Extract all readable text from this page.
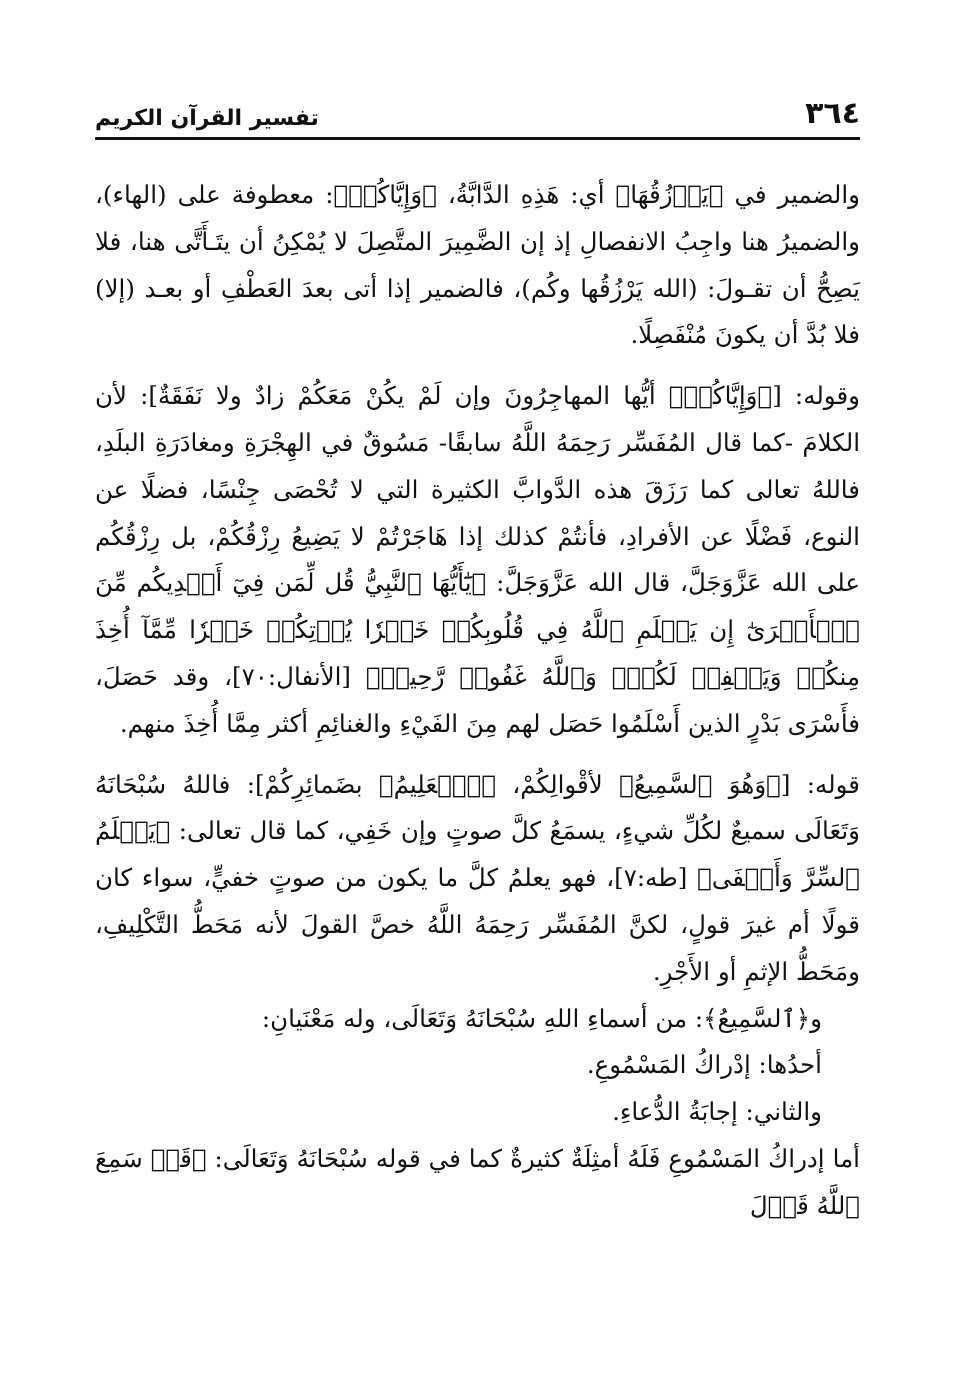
٣٦٤
تفسير القرآن الكريم

والضمير في ﴿يَرۡزُقُهَا﴾ أي: هَذِهِ الدَّابَّةُ، ﴿وَإِيَّاكُمۡ﴾: معطوفة على (الهاء)، والضميرُ هنا واجِبُ الانفصالِ إذ إن الضَّمِيرَ المتَّصِلَ لا يُمْكِنُ أن يتَـأَتَّى هنا، فلا يَصِحُّ أن تقـولَ: (الله يَرْزُقُها وكُم)، فالضمير إذا أتى بعدَ العَطْفِ أو بعـد (إلا) فلا بُدَّ أن يكونَ مُنْفَصِلًا.

وقوله: [﴿وَإِيَّاكُمۡ﴾ أيُّها المهاجِرُونَ وإن لَمْ يكُنْ مَعَكُمْ زادٌ ولا نَفَقَةٌ]: لأن الكلامَ -كما قال المُفَسِّر رَحِمَهُ اللَّهُ سابقًا- مَسُوقٌ في الهِجْرَةِ ومغادَرَةِ البلَدِ، فاللهُ تعالى كما رَزَقَ هذه الدَّوابَّ الكثيرة التي لا تُحْصَى جِنْسًا، فضلًا عن النوع، فَضْلًا عن الأفرادِ، فأنتُمْ كذلك إذا هَاجَرْتُمْ لا يَضِيعُ رِزْقُكُمْ، بل رِزْقُكُم على الله عَزَّوَجَلَّ، قال الله عَزَّوَجَلَّ: ﴿يَٰٓأَيُّهَا ٱلنَّبِيُّ قُل لِّمَن فِيٓ أَيۡدِيكُم مِّنَ ٱلۡأَسۡرَىٰٓ إِن يَعۡلَمِ ٱللَّهُ فِي قُلُوبِكُمۡ خَيۡرٗا يُؤۡتِكُمۡ خَيۡرٗا مِّمَّآ أُخِذَ مِنكُمۡ وَيَغۡفِرۡ لَكُمۡۚ وَٱللَّهُ غَفُورٞ رَّحِيمٞ﴾ [الأنفال:٧٠]، وقد حَصَلَ، فأَسْرَى بَدْرٍ الذين أَسْلَمُوا حَصَل لهم مِنَ الفَيْءِ والغنائِمِ أكثر مِمَّا أُخِذَ منهم.

قوله: [﴿وَهُوَ ٱلسَّمِيعُ﴾ لأقْوالِكُمْ، ﴿ٱلۡعَلِيمُ﴾ بضَمائِرِكُمْ]: فاللهُ سُبْحَانَهُ وَتَعَالَى سميعٌ لكُلِّ شيءٍ، يسمَعُ كلَّ صوتٍ وإن خَفِي، كما قال تعالى: ﴿يَعۡلَمُ ٱلسِّرَّ وَأَخۡفَى﴾ [طه:٧]، فهو يعلمُ كلَّ ما يكون من صوتٍ خفيٍّ، سواء كان قولًا أم غيرَ قولٍ، لكنَّ المُفَسِّر رَحِمَهُ اللَّهُ خصَّ القولَ لأنه مَحَطُّ التَّكْلِيفِ، ومَحَطُّ الإثمِ أو الأَجْرِ.

و﴿ٱلسَّمِيعُ﴾: من أسماءِ اللهِ سُبْحَانَهُ وَتَعَالَى، وله مَعْنَيانِ:

أحدُها: إدْراكُ المَسْمُوعِ.

والثاني: إجابَةُ الدُّعاءِ.

أما إدراكُ المَسْمُوعِ فَلَهُ أمثِلَةٌ كثيرةٌ كما في قوله سُبْحَانَهُ وَتَعَالَى: ﴿قَدۡ سَمِعَ ٱللَّهُ قَوۡلَ
